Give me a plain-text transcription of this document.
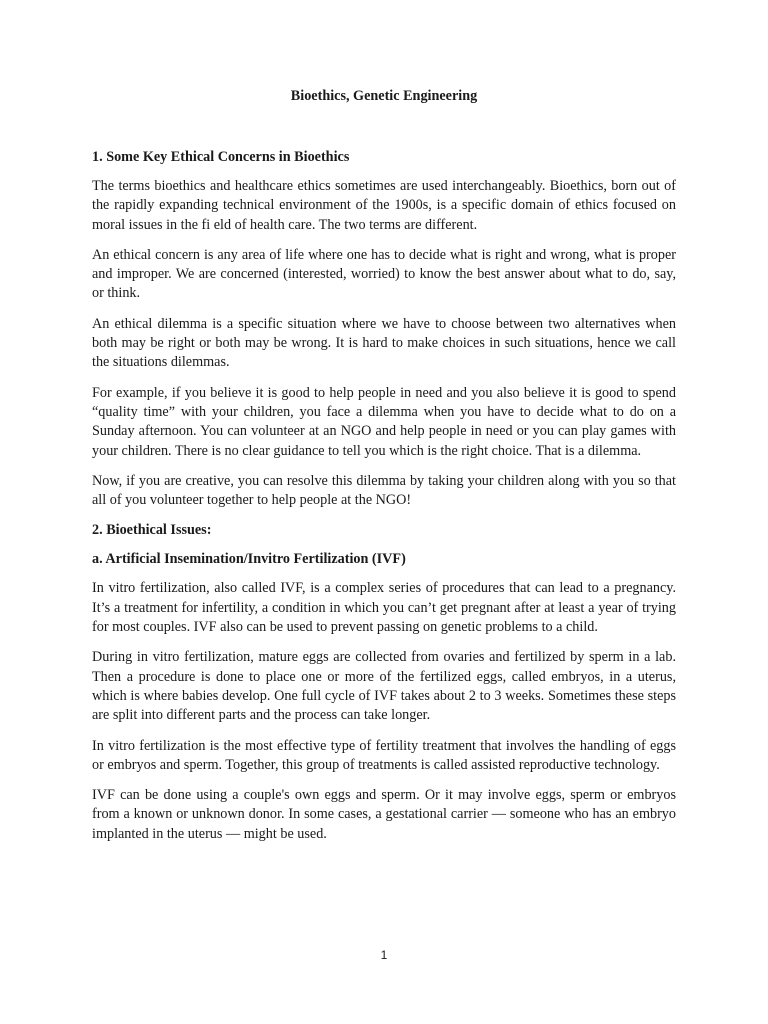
Bioethics, Genetic Engineering
1. Some Key Ethical Concerns in Bioethics

The terms bioethics and healthcare ethics sometimes are used interchangeably. Bioethics, born out of the rapidly expanding technical environment of the 1900s, is a specific domain of ethics focused on moral issues in the fi eld of health care. The two terms are different.

An ethical concern is any area of life where one has to decide what is right and wrong, what is proper and improper. We are concerned (interested, worried) to know the best answer about what to do, say, or think.

An ethical dilemma is a specific situation where we have to choose between two alternatives when both may be right or both may be wrong. It is hard to make choices in such situations, hence we call the situations dilemmas.

For example, if you believe it is good to help people in need and you also believe it is good to spend “quality time” with your children, you face a dilemma when you have to decide what to do on a Sunday afternoon. You can volunteer at an NGO and help people in need or you can play games with your children. There is no clear guidance to tell you which is the right choice. That is a dilemma.

Now, if you are creative, you can resolve this dilemma by taking your children along with you so that all of you volunteer together to help people at the NGO!

2. Bioethical Issues:
a. Artificial Insemination/Invitro Fertilization (IVF)

In vitro fertilization, also called IVF, is a complex series of procedures that can lead to a pregnancy. It’s a treatment for infertility, a condition in which you can’t get pregnant after at least a year of trying for most couples. IVF also can be used to prevent passing on genetic problems to a child.

During in vitro fertilization, mature eggs are collected from ovaries and fertilized by sperm in a lab. Then a procedure is done to place one or more of the fertilized eggs, called embryos, in a uterus, which is where babies develop. One full cycle of IVF takes about 2 to 3 weeks. Sometimes these steps are split into different parts and the process can take longer.

In vitro fertilization is the most effective type of fertility treatment that involves the handling of eggs or embryos and sperm. Together, this group of treatments is called assisted reproductive technology.

IVF can be done using a couple's own eggs and sperm. Or it may involve eggs, sperm or embryos from a known or unknown donor. In some cases, a gestational carrier — someone who has an embryo implanted in the uterus — might be used.

1
